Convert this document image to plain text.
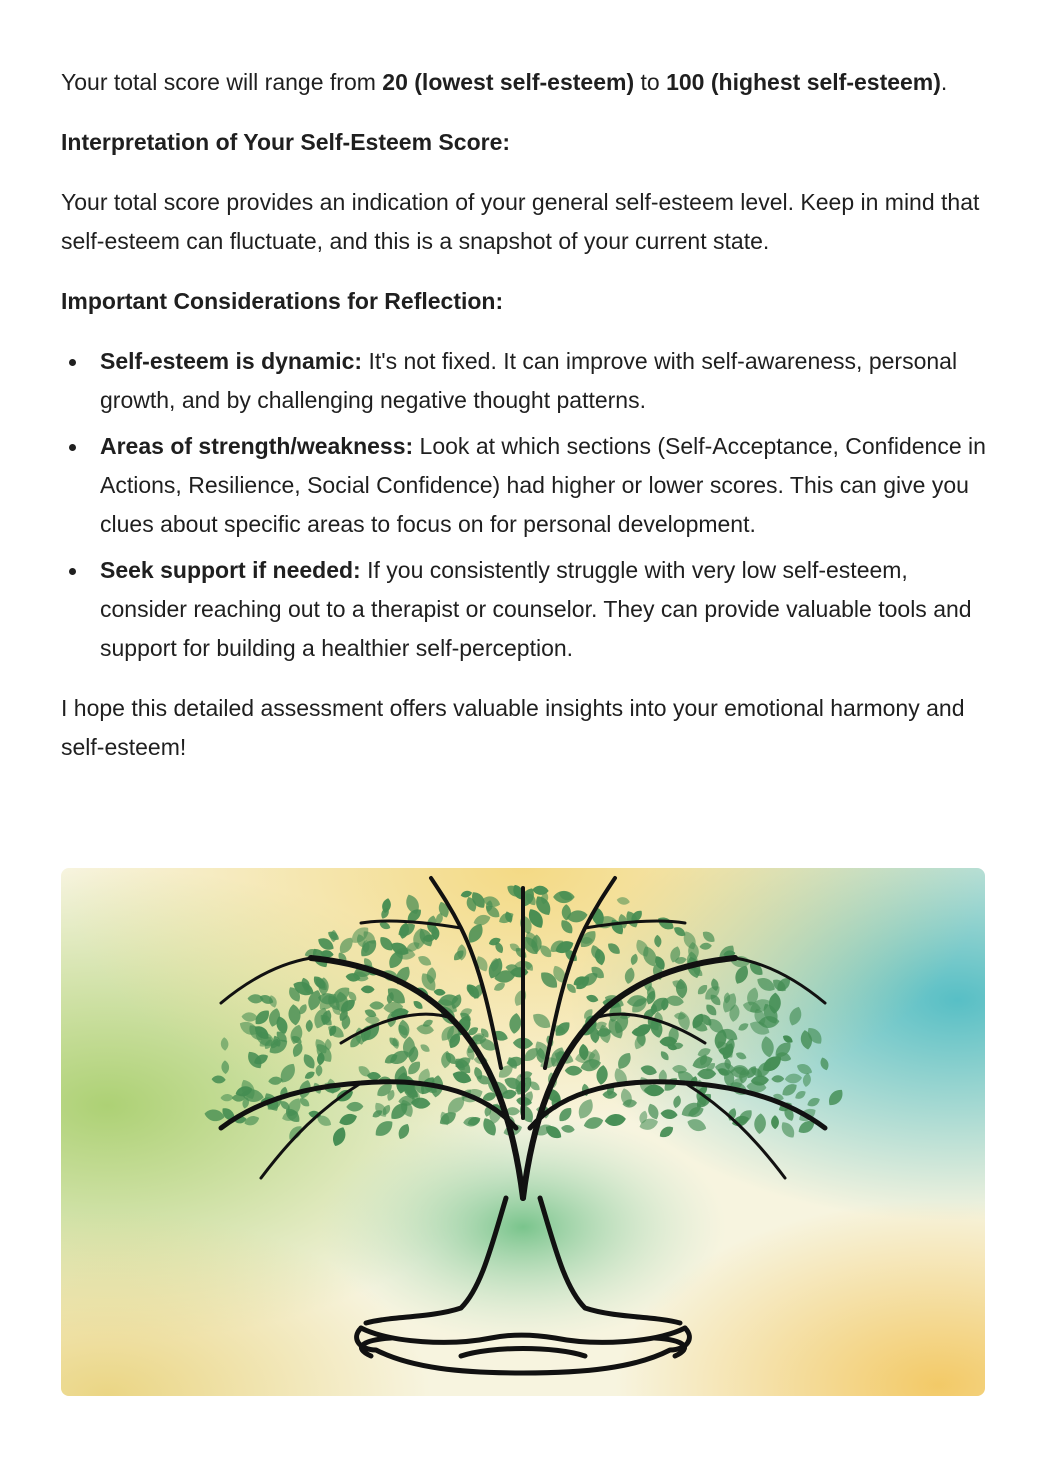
Your total score will range from 20 (lowest self-esteem) to 100 (highest self-esteem).

Interpretation of Your Self-Esteem Score:

Your total score provides an indication of your general self-esteem level. Keep in mind that self-esteem can fluctuate, and this is a snapshot of your current state.

Important Considerations for Reflection:

Self-esteem is dynamic: It's not fixed. It can improve with self-awareness, personal growth, and by challenging negative thought patterns.
Areas of strength/weakness: Look at which sections (Self-Acceptance, Confidence in Actions, Resilience, Social Confidence) had higher or lower scores. This can give you clues about specific areas to focus on for personal development.
Seek support if needed: If you consistently struggle with very low self-esteem, consider reaching out to a therapist or counselor. They can provide valuable tools and support for building a healthier self-perception.

I hope this detailed assessment offers valuable insights into your emotional harmony and self-esteem!
